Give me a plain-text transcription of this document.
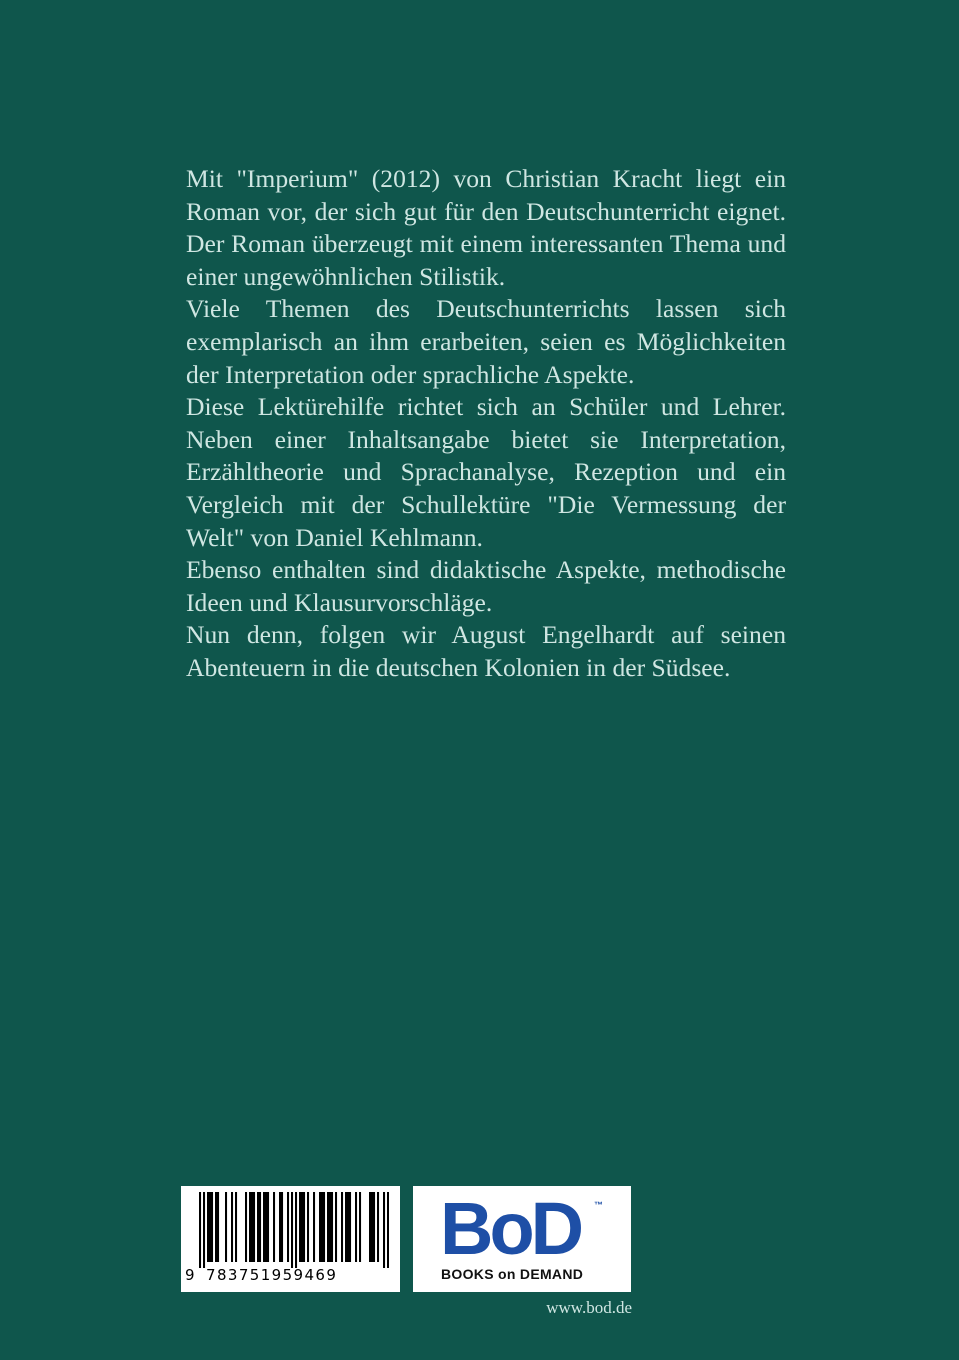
Mit "Imperium" (2012) von Christian Kracht liegt ein Roman vor, der sich gut für den Deutschunterricht eignet. Der Roman überzeugt mit einem interessanten Thema und einer ungewöhnlichen Stilistik.

Viele Themen des Deutschunterrichts lassen sich exemplarisch an ihm erarbeiten, seien es Möglichkeiten der Interpretation oder sprachliche Aspekte.

Diese Lektürehilfe richtet sich an Schüler und Lehrer. Neben einer Inhaltsangabe bietet sie Interpretation, Erzähltheorie und Sprachanalyse, Rezeption und ein Vergleich mit der Schullektüre "Die Vermessung der Welt" von Daniel Kehlmann.

Ebenso enthalten sind didaktische Aspekte, methodische Ideen und Klausurvorschläge.

Nun denn, folgen wir August Engelhardt auf seinen Abenteuern in die deutschen Kolonien in der Südsee.

9 783751959469
BoD ™
BOOKS on DEMAND
www.bod.de
